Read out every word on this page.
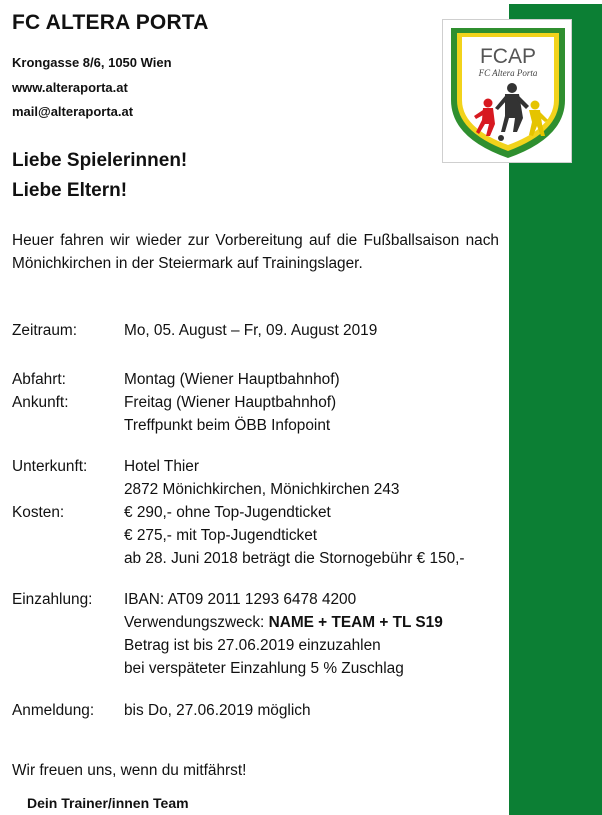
FCAP
FC Altera Porta
FC ALTERA PORTA
Krongasse 8/6, 1050 Wien
www.alteraporta.at
mail@alteraporta.at
Liebe Spielerinnen!
Liebe Eltern!
Heuer fahren wir wieder zur Vorbereitung auf die Fußballsaison nach Mönichkirchen in der Steiermark auf Trainingslager.
Zeitraum:	Mo, 05. August – Fr, 09. August 2019
Abfahrt:	Montag (Wiener Hauptbahnhof)
Ankunft:	Freitag (Wiener Hauptbahnhof)
Treffpunkt beim ÖBB Infopoint
Unterkunft: Hotel Thier
2872 Mönichkirchen, Mönichkirchen 243
Kosten:	€ 290,- ohne Top-Jugendticket
€ 275,- mit Top-Jugendticket
ab 28. Juni 2018 beträgt die Stornogebühr € 150,-
Einzahlung: IBAN: AT09 2011 1293 6478 4200
Verwendungszweck: NAME + TEAM + TL S19
Betrag ist bis 27.06.2019 einzuzahlen
bei verspäteter Einzahlung 5 % Zuschlag
Anmeldung: bis Do, 27.06.2019 möglich
Wir freuen uns, wenn du mitfährst!
Dein Trainer/innen Team
